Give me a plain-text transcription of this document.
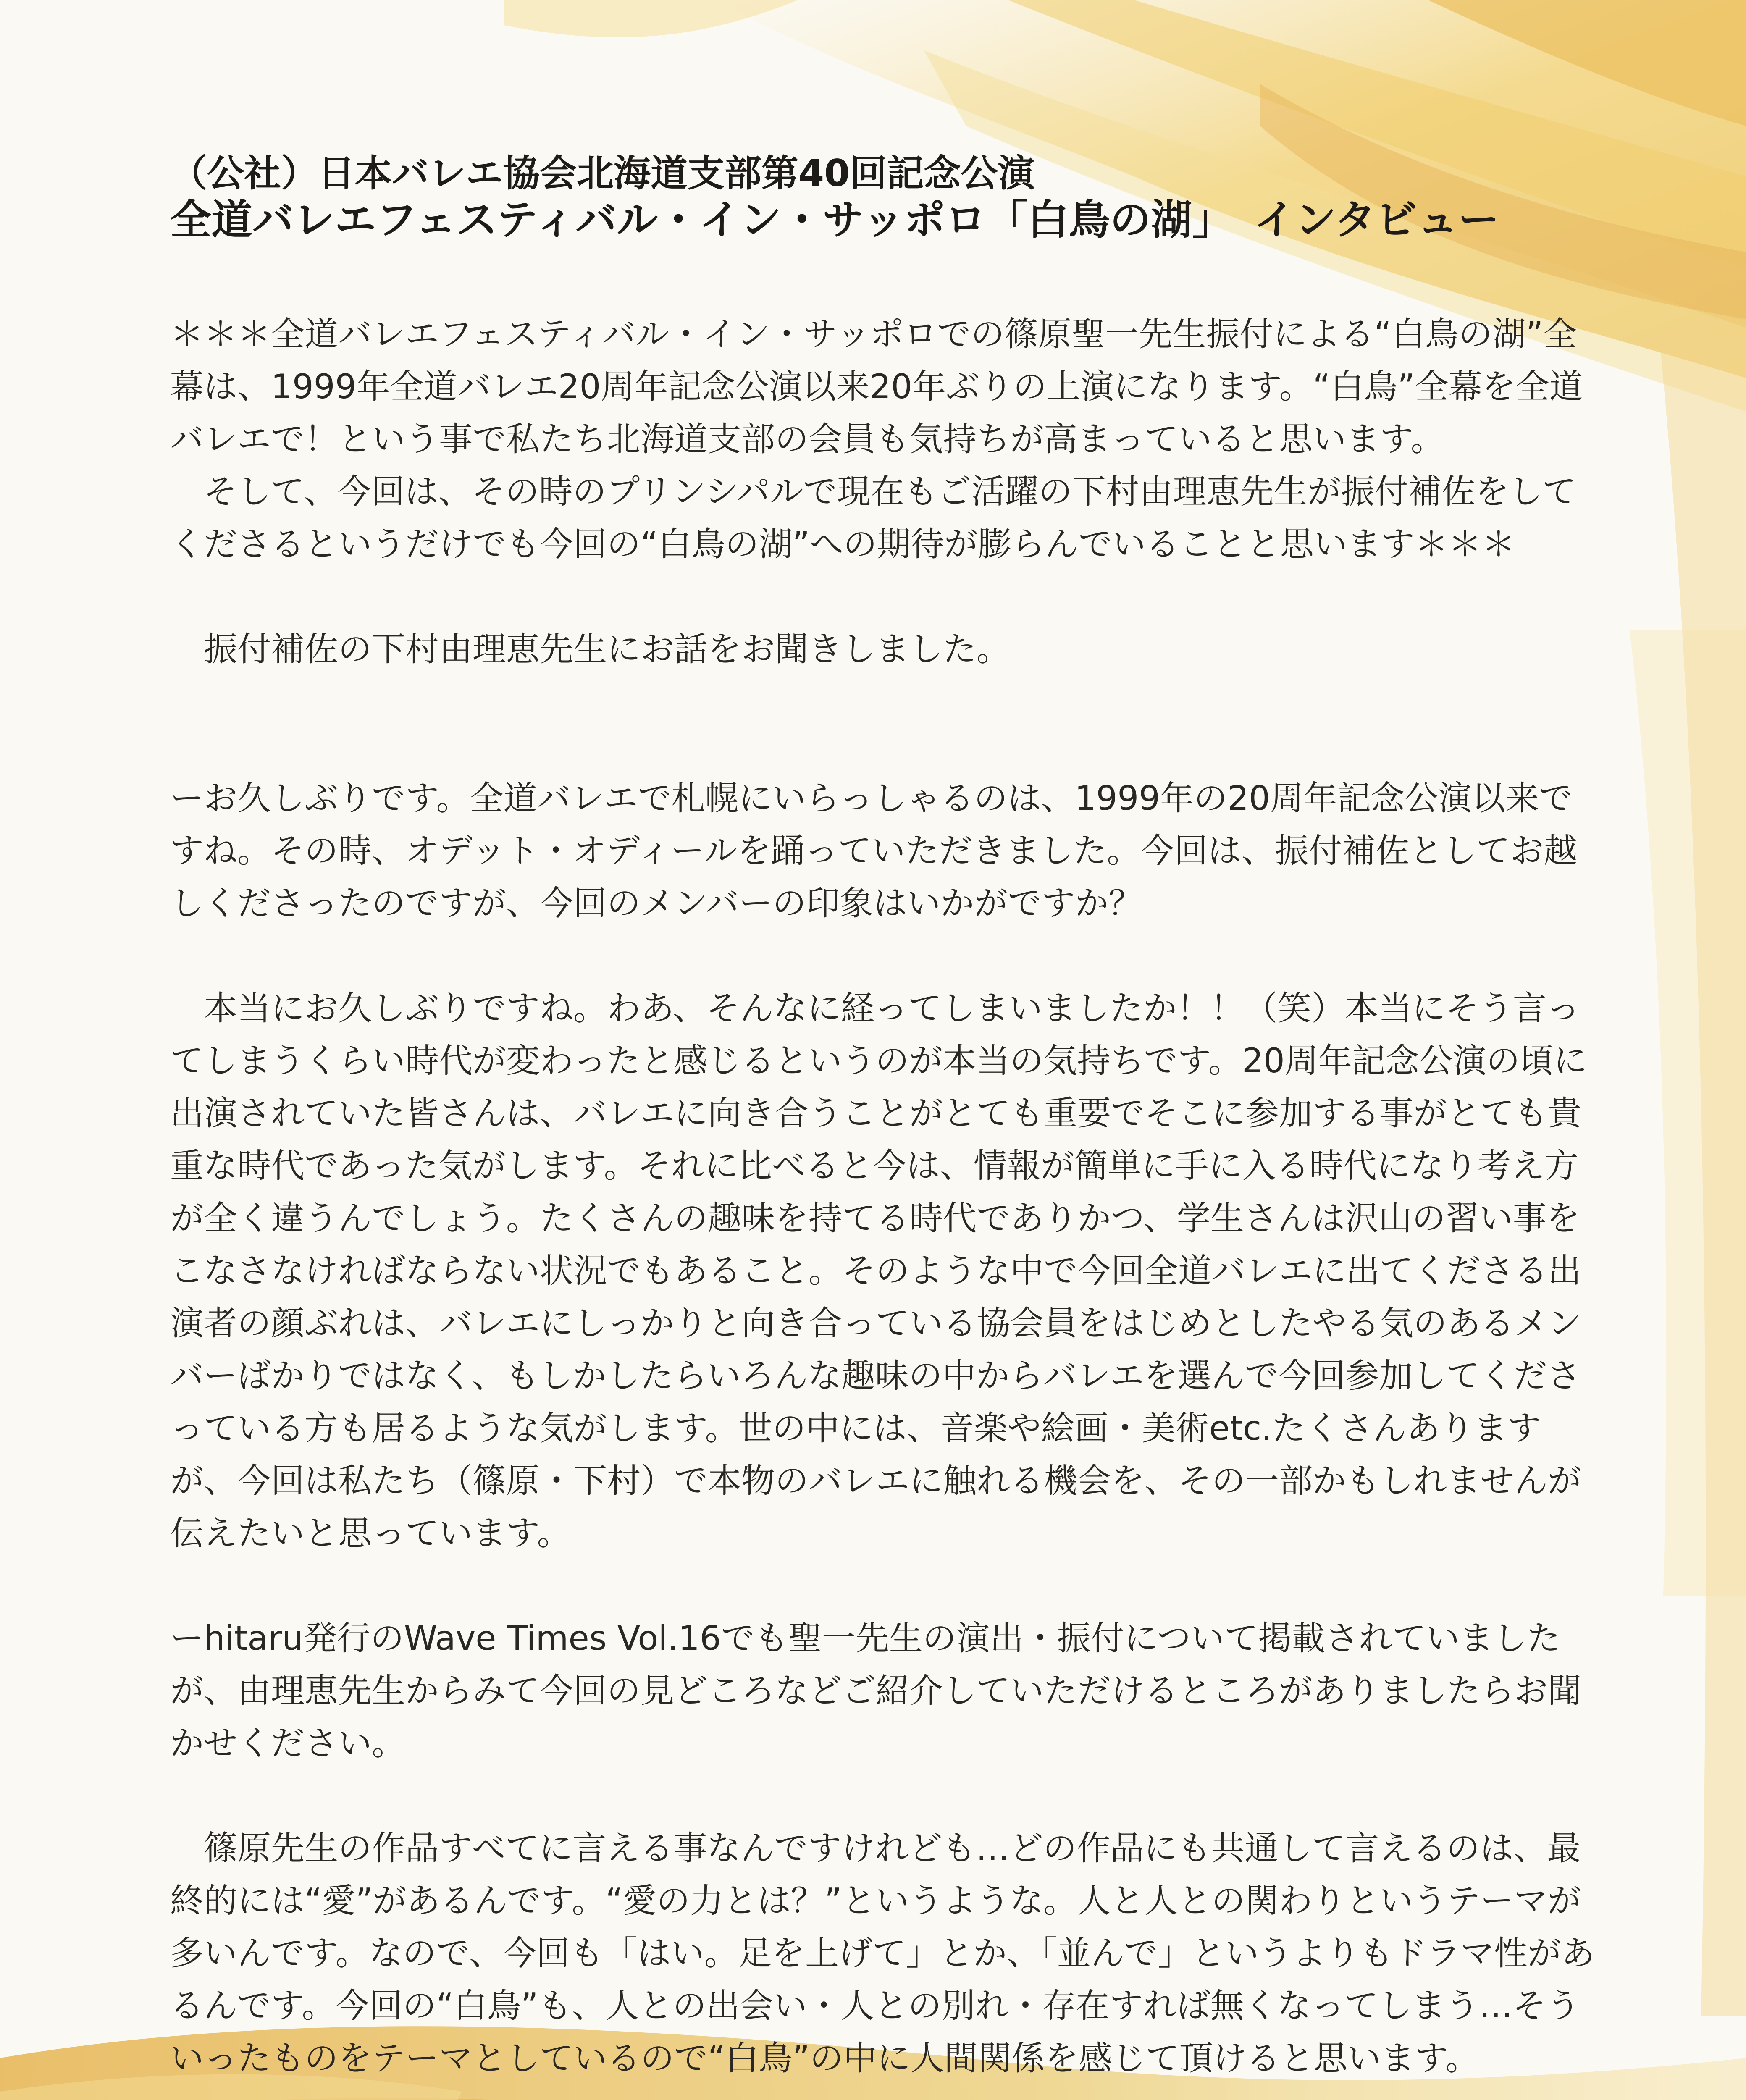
（公社）日本バレエ協会北海道支部第40回記念公演
全道バレエフェスティバル・イン・サッポロ「白鳥の湖」　インタビュー

＊＊＊全道バレエフェスティバル・イン・サッポロでの篠原聖一先生振付による“白鳥の湖”全幕は、1999年全道バレエ20周年記念公演以来20年ぶりの上演になります。“白鳥”全幕を全道バレエで！という事で私たち北海道支部の会員も気持ちが高まっていると思います。

そして、今回は、その時のプリンシパルで現在もご活躍の下村由理恵先生が振付補佐をしてくださるというだけでも今回の“白鳥の湖”への期待が膨らんでいることと思います＊＊＊

振付補佐の下村由理恵先生にお話をお聞きしました。

ーお久しぶりです。全道バレエで札幌にいらっしゃるのは、1999年の20周年記念公演以来ですね。その時、オデット・オディールを踊っていただきました。今回は、振付補佐としてお越しくださったのですが、今回のメンバーの印象はいかがですか？

本当にお久しぶりですね。わあ、そんなに経ってしまいましたか！！（笑）本当にそう言ってしまうくらい時代が変わったと感じるというのが本当の気持ちです。20周年記念公演の頃に出演されていた皆さんは、バレエに向き合うことがとても重要でそこに参加する事がとても貴重な時代であった気がします。それに比べると今は、情報が簡単に手に入る時代になり考え方が全く違うんでしょう。たくさんの趣味を持てる時代でありかつ、学生さんは沢山の習い事をこなさなければならない状況でもあること。そのような中で今回全道バレエに出てくださる出演者の顔ぶれは、バレエにしっかりと向き合っている協会員をはじめとしたやる気のあるメンバーばかりではなく、もしかしたらいろんな趣味の中からバレエを選んで今回参加してくださっている方も居るような気がします。世の中には、音楽や絵画・美術etc.たくさんありますが、今回は私たち（篠原・下村）で本物のバレエに触れる機会を、その一部かもしれませんが伝えたいと思っています。

ーhitaru発行のWave Times Vol.16でも聖一先生の演出・振付について掲載されていましたが、由理恵先生からみて今回の見どころなどご紹介していただけるところがありましたらお聞かせください。

篠原先生の作品すべてに言える事なんですけれども…どの作品にも共通して言えるのは、最終的には“愛”があるんです。“愛の力とは？”というような。人と人との関わりというテーマが多いんです。なので、今回も「はい。足を上げて」とか、「並んで」というよりもドラマ性があるんです。今回の“白鳥”も、人との出会い・人との別れ・存在すれば無くなってしまう…そういったものをテーマとしているので“白鳥”の中に人間関係を感じて頂けると思います。
